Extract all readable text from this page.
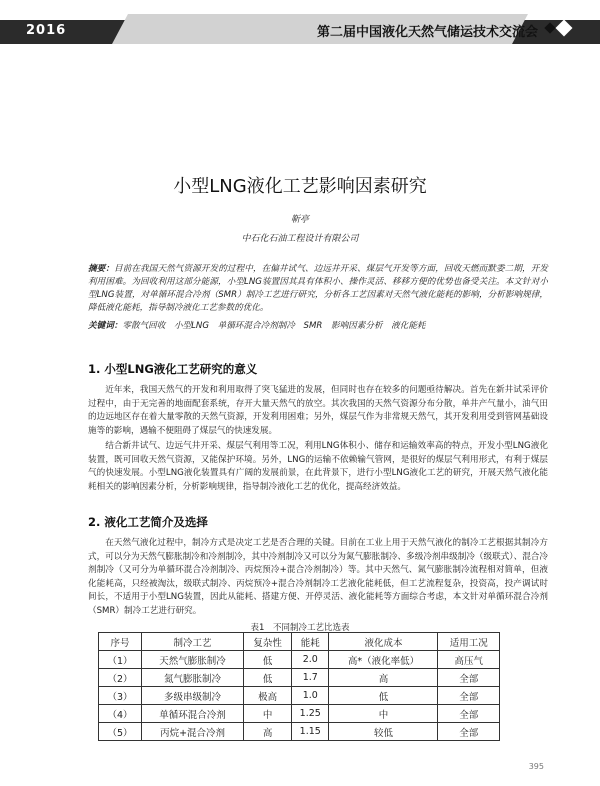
2016	第二届中国液化天然气储运技术交流会
小型LNG液化工艺影响因素研究
靳亭
中石化石油工程设计有限公司
摘要：目前在我国天然气资源开发的过程中，在偏井试气、边远井开采、煤层气开发等方面，回收天燃而默委二期，开发利用困难。为回收利用这部分能源，小型LNG装置因其具有体积小、操作灵活、移移方便的优势也备受关注。本文针对小型LNG装置，对单循环混合冷剂（SMR）制冷工艺进行研究，分析各工艺因素对天然气液化能耗的影响，分析影响规律，降低液化能耗，指导制冷液化工艺参数的优化。
关键词：零散气回收　小型LNG　单循环混合冷剂制冷　SMR　影响因素分析　液化能耗
1. 小型LNG液化工艺研究的意义

近年来，我国天然气的开发和利用取得了突飞猛进的发展，但同时也存在较多的问题亟待解决。首先在新井试采评价过程中，由于无完善的地面配套系统，存开大量天然气的放空。其次我国的天然气资源分布分散，单井产气量小，油气田的边远地区存在着大量零散的天然气资源，开发利用困难；另外，煤层气作为非常规天然气，其开发利用受到管网基础设施等的影响，遇输不便阻碍了煤层气的快速发展。

结合新井试气、边远气井开采、煤层气利用等工况，利用LNG体积小、储存和运输效率高的特点，开发小型LNG液化装置，既可回收天然气资源，又能保护环境。另外，LNG的运输不依赖输气管网，是很好的煤层气利用形式，有利于煤层气的快速发展。小型LNG液化装置具有广阔的发展前景，在此背景下，进行小型LNG液化工艺的研究，开展天然气液化能耗相关的影响因素分析，分析影响规律，指导制冷液化工艺的优化，提高经济效益。

2. 液化工艺简介及选择

在天然气液化过程中，制冷方式是决定工艺是否合理的关键。目前在工业上用于天然气液化的制冷工艺根据其制冷方式，可以分为天然气膨胀制冷和冷剂制冷，其中冷剂制冷又可以分为氮气膨胀制冷、多级冷剂串级制冷（级联式）、混合冷剂制冷（又可分为单循环混合冷剂制冷、丙烷预冷+混合冷剂制冷）等。其中天然气、氮气膨胀制冷流程相对简单，但液化能耗高，只经被淘汰，级联式制冷、丙烷预冷+混合冷剂制冷工艺液化能耗低，但工艺流程复杂，投资高，投产调试时间长，不适用于小型LNG装置，因此从能耗、搭建方便、开停灵活、液化能耗等方面综合考虑，本文针对单循环混合冷剂（SMR）制冷工艺进行研究。

表1　不同制冷工艺比选表
序号	制冷工艺	复杂性	能耗	液化成本	适用工况
（1）	天然气膨胀制冷	低	2.0	高*（液化率低）	高压气
（2）	氮气膨胀制冷	低	1.7	高	全部
（3）	多级串级制冷	极高	1.0	低	全部
（4）	单循环混合冷剂	中	1.25	中	全部
（5）	丙烷+混合冷剂	高	1.15	较低	全部
395
